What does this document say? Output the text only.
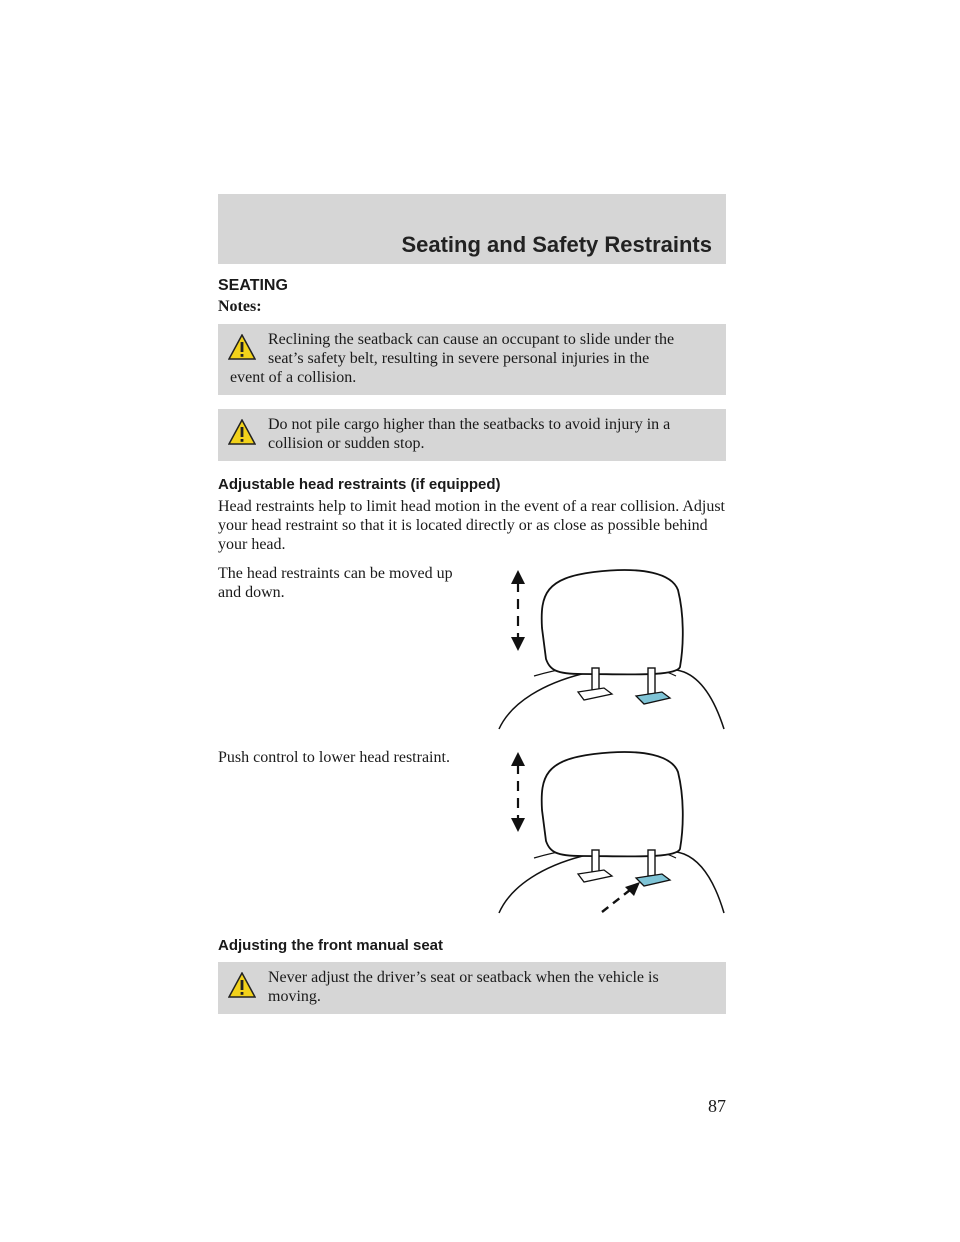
Seating and Safety Restraints
SEATING
Notes:

Reclining the seatback can cause an occupant to slide under the
seat’s safety belt, resulting in severe personal injuries in the
event of a collision.

Do not pile cargo higher than the seatbacks to avoid injury in a
collision or sudden stop.

Adjustable head restraints (if equipped)

Head restraints help to limit head motion in the event of a rear collision. Adjust your head restraint so that it is located directly or as close as possible behind your head.

The head restraints can be moved up and down.

Push control to lower head restraint.

Adjusting the front manual seat

Never adjust the driver’s seat or seatback when the vehicle is
moving.

87
